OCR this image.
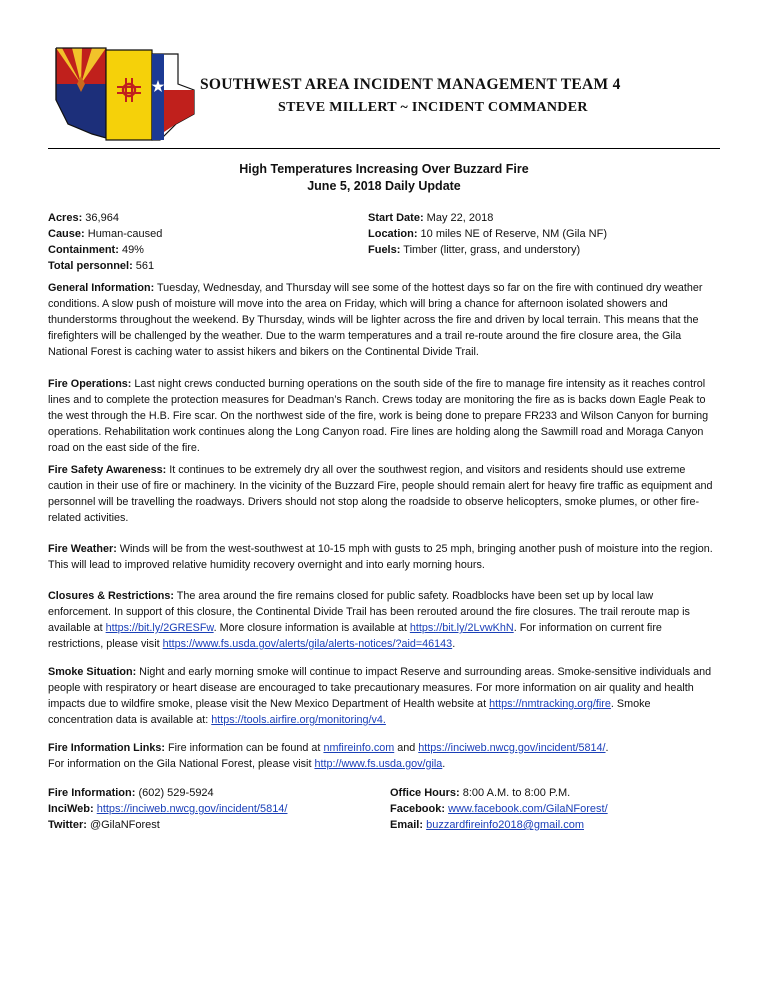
SOUTHWEST AREA INCIDENT MANAGEMENT TEAM 4
STEVE MILLERT ~ INCIDENT COMMANDER
High Temperatures Increasing Over Buzzard Fire
June 5, 2018 Daily Update
Acres: 36,964
Cause: Human-caused
Containment: 49%
Total personnel: 561
Start Date: May 22, 2018
Location: 10 miles NE of Reserve, NM (Gila NF)
Fuels: Timber (litter, grass, and understory)
General Information: Tuesday, Wednesday, and Thursday will see some of the hottest days so far on the fire with continued dry weather conditions. A slow push of moisture will move into the area on Friday, which will bring a chance for afternoon isolated showers and thunderstorms throughout the weekend. By Thursday, winds will be lighter across the fire and driven by local terrain. This means that the firefighters will be challenged by the weather. Due to the warm temperatures and a trail re-route around the fire closure area, the Gila National Forest is caching water to assist hikers and bikers on the Continental Divide Trail.
Fire Operations: Last night crews conducted burning operations on the south side of the fire to manage fire intensity as it reaches control lines and to complete the protection measures for Deadman’s Ranch. Crews today are monitoring the fire as is backs down Eagle Peak to the west through the H.B. Fire scar. On the northwest side of the fire, work is being done to prepare FR233 and Wilson Canyon for burning operations. Rehabilitation work continues along the Long Canyon road. Fire lines are holding along the Sawmill road and Moraga Canyon road on the east side of the fire.
Fire Safety Awareness: It continues to be extremely dry all over the southwest region, and visitors and residents should use extreme caution in their use of fire or machinery. In the vicinity of the Buzzard Fire, people should remain alert for heavy fire traffic as equipment and personnel will be travelling the roadways. Drivers should not stop along the roadside to observe helicopters, smoke plumes, or other fire-related activities.
Fire Weather: Winds will be from the west-southwest at 10-15 mph with gusts to 25 mph, bringing another push of moisture into the region. This will lead to improved relative humidity recovery overnight and into early morning hours.
Closures & Restrictions: The area around the fire remains closed for public safety. Roadblocks have been set up by local law enforcement. In support of this closure, the Continental Divide Trail has been rerouted around the fire closures. The trail reroute map is available at https://bit.ly/2GRESFw. More closure information is available at https://bit.ly/2LvwKhN. For information on current fire restrictions, please visit https://www.fs.usda.gov/alerts/gila/alerts-notices/?aid=46143.
Smoke Situation: Night and early morning smoke will continue to impact Reserve and surrounding areas. Smoke-sensitive individuals and people with respiratory or heart disease are encouraged to take precautionary measures. For more information on air quality and health impacts due to wildfire smoke, please visit the New Mexico Department of Health website at https://nmtracking.org/fire. Smoke concentration data is available at: https://tools.airfire.org/monitoring/v4.
Fire Information Links: Fire information can be found at nmfireinfo.com and https://inciweb.nwcg.gov/incident/5814/.
For information on the Gila National Forest, please visit http://www.fs.usda.gov/gila.
Fire Information: (602) 529-5924
InciWeb: https://inciweb.nwcg.gov/incident/5814/
Twitter: @GilaNForest
Office Hours: 8:00 A.M. to 8:00 P.M.
Facebook: www.facebook.com/GilaNForest/
Email: buzzardfireinfo2018@gmail.com
